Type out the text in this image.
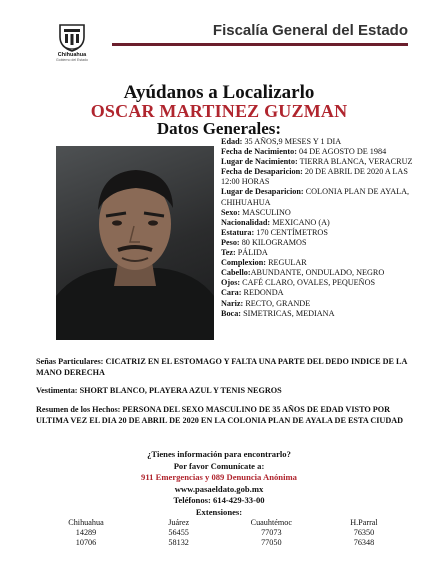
Chihuahua
Gobierno del Estado
Fiscalía General del Estado
Ayúdanos a Localizarlo
OSCAR MARTINEZ GUZMAN
Datos Generales:
Edad: 35 AÑOS,9 MESES Y 1 DIA
Fecha de Nacimiento: 04 DE AGOSTO DE 1984
Lugar de Nacimiento: TIERRA BLANCA, VERACRUZ
Fecha de Desaparicion: 20 DE ABRIL DE 2020 A LAS 12:00 HORAS
Lugar de Desaparicion: COLONIA PLAN DE AYALA, CHIHUAHUA
Sexo: MASCULINO
Nacionalidad: MEXICANO (A)
Estatura: 170 CENTÍMETROS
Peso: 80 KILOGRAMOS
Tez: PÁLIDA
Complexion: REGULAR
Cabello:ABUNDANTE, ONDULADO, NEGRO
Ojos: CAFÉ CLARO, OVALES, PEQUEÑOS
Cara: REDONDA
Nariz: RECTO, GRANDE
Boca: SIMETRICAS, MEDIANA
Señas Particulares: CICATRIZ EN EL ESTOMAGO Y FALTA UNA PARTE DEL DEDO INDICE DE LA MANO DERECHA
Vestimenta: SHORT BLANCO, PLAYERA AZUL Y TENIS NEGROS
Resumen de los Hechos: PERSONA DEL SEXO MASCULINO DE 35 AÑOS DE EDAD VISTO POR ULTIMA VEZ EL DIA 20 DE ABRIL DE 2020 EN LA COLONIA PLAN DE AYALA DE ESTA CIUDAD
¿Tienes información para encontrarlo?
Por favor Comunícate a:
911 Emergencias y 089 Denuncia Anónima
www.pasaeldato.gob.mx
Teléfonos: 614-429-33-00
Extensiones:
Chihuahua	Juárez	Cuauhtémoc	H.Parral
14289	56455	77073	76350
10706	58132	77050	76348
